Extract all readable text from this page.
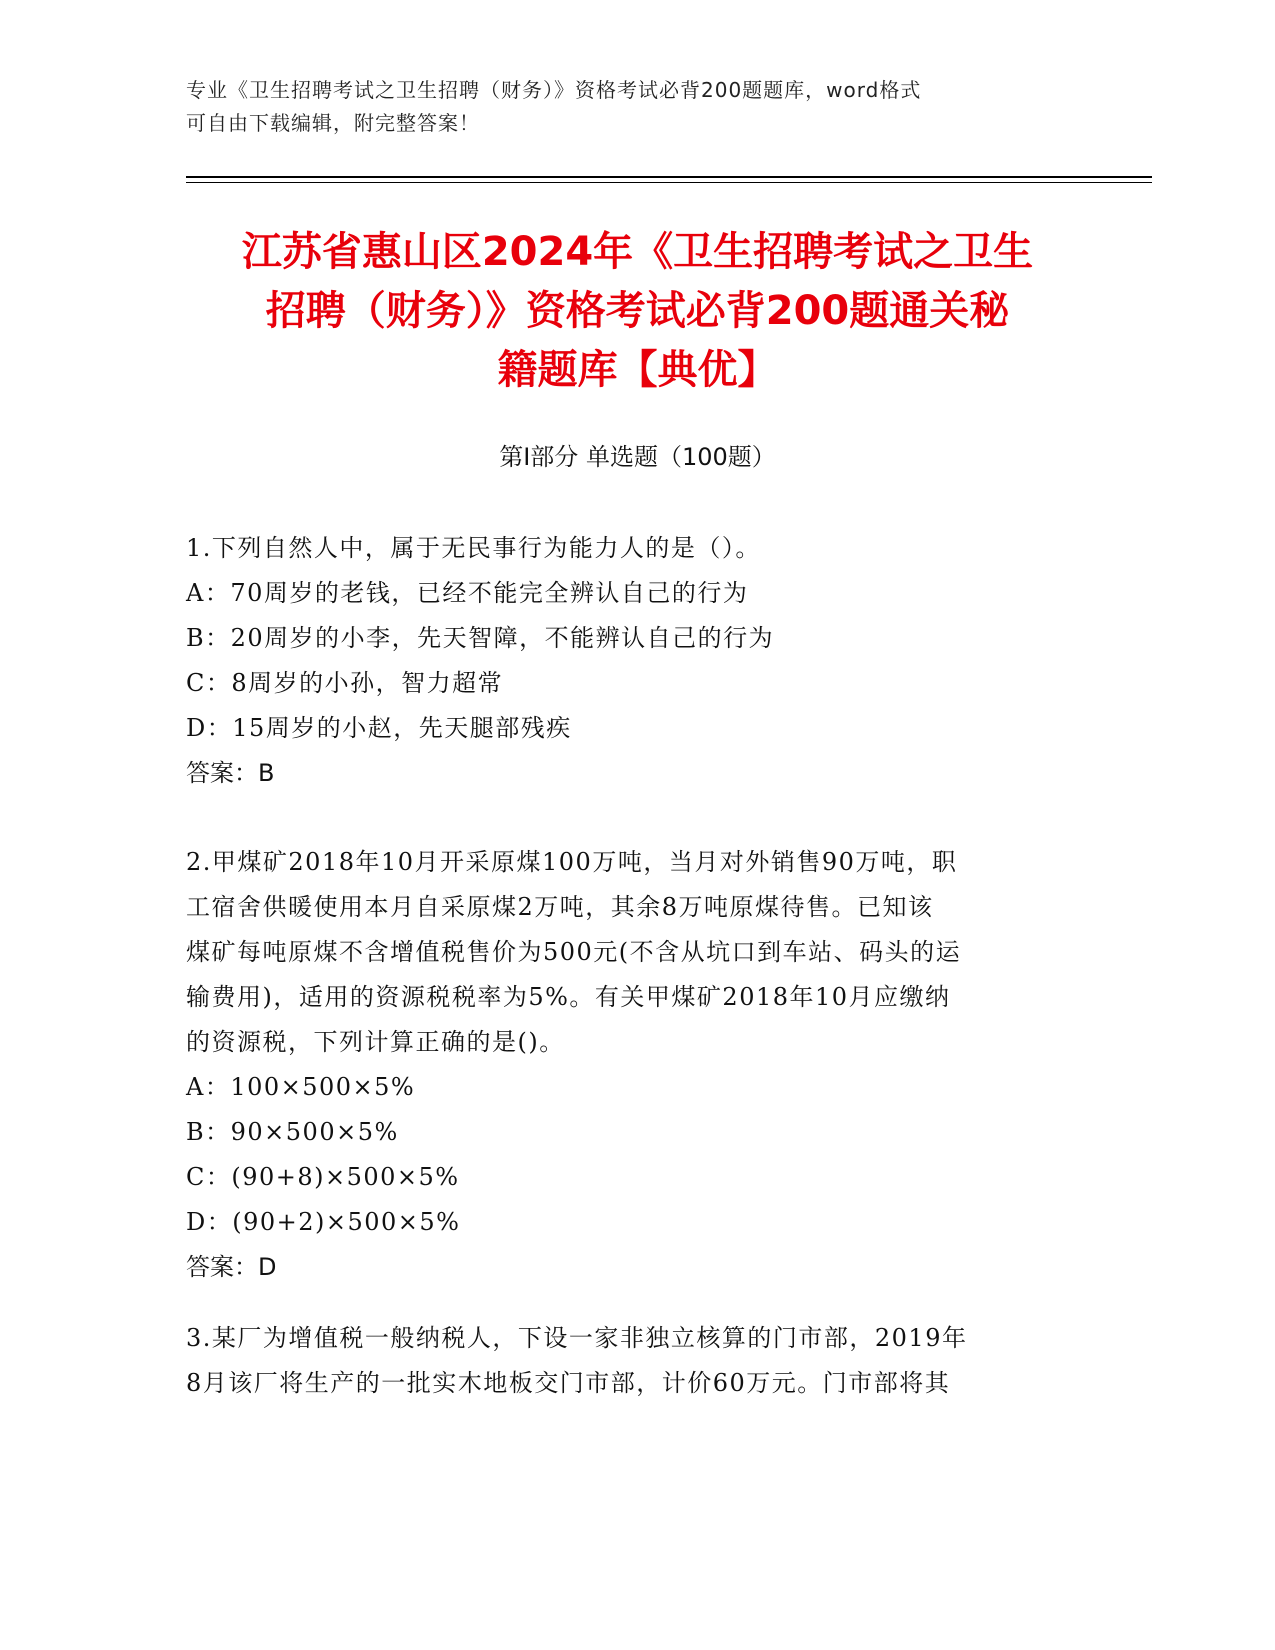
专业《卫生招聘考试之卫生招聘（财务）》资格考试必背200题题库，word格式
可自由下载编辑，附完整答案！
江苏省惠山区2024年《卫生招聘考试之卫生
招聘（财务）》资格考试必背200题通关秘
籍题库【典优】
第Ⅰ部分 单选题（100题）
1.下列自然人中，属于无民事行为能力人的是（）。
A：70周岁的老钱，已经不能完全辨认自己的行为
B：20周岁的小李，先天智障，不能辨认自己的行为
C：8周岁的小孙，智力超常
D：15周岁的小赵，先天腿部残疾
答案：B
2.甲煤矿2018年10月开采原煤100万吨，当月对外销售90万吨，职
工宿舍供暖使用本月自采原煤2万吨，其余8万吨原煤待售。已知该
煤矿每吨原煤不含增值税售价为500元(不含从坑口到车站、码头的运
输费用)，适用的资源税税率为5%。有关甲煤矿2018年10月应缴纳
的资源税，下列计算正确的是()。
A：100×500×5%
B：90×500×5%
C：(90+8)×500×5%
D：(90+2)×500×5%
答案：D
3.某厂为增值税一般纳税人，下设一家非独立核算的门市部，2019年
8月该厂将生产的一批实木地板交门市部，计价60万元。门市部将其
